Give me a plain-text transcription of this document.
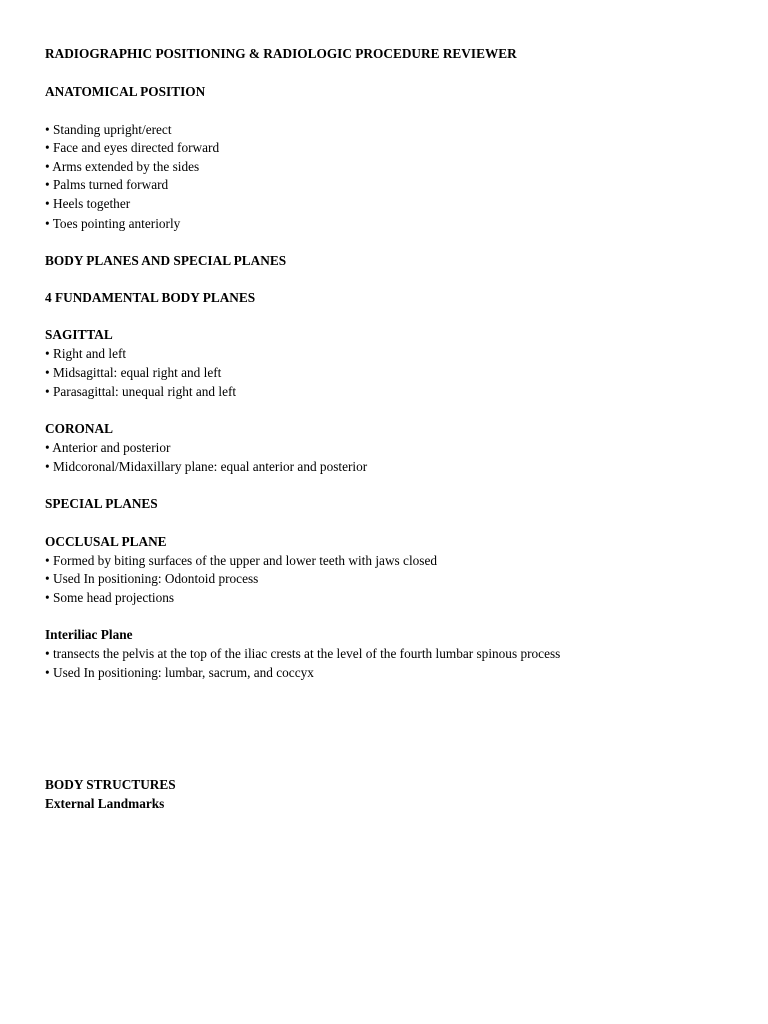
RADIOGRAPHIC POSITIONING & RADIOLOGIC PROCEDURE REVIEWER
ANATOMICAL POSITION
• Standing upright/erect
• Face and eyes directed forward
• Arms extended by the sides
• Palms turned forward
• Heels together
• Toes pointing anteriorly
BODY PLANES AND SPECIAL PLANES
4 FUNDAMENTAL BODY PLANES
SAGITTAL
• Right and left
• Midsagittal: equal right and left
• Parasagittal: unequal right and left
CORONAL
• Anterior and posterior
• Midcoronal/Midaxillary plane: equal anterior and posterior
SPECIAL PLANES
OCCLUSAL PLANE
• Formed by biting surfaces of the upper and lower teeth with jaws closed
• Used In positioning: Odontoid process
• Some head projections
Interiliac Plane
• transects the pelvis at the top of the iliac crests at the level of the fourth lumbar spinous process
• Used In positioning: lumbar, sacrum, and coccyx
BODY STRUCTURES
External Landmarks
